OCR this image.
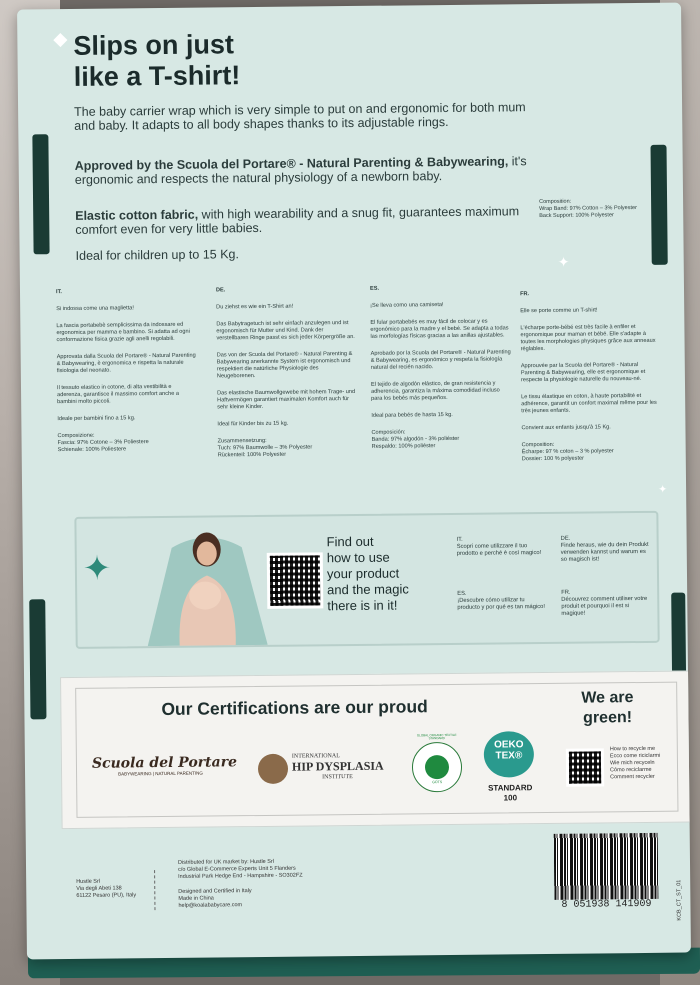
Slips on just
like a T-shirt!
The baby carrier wrap which is very simple to put on and ergonomic for both mum and baby. It adapts to all body shapes thanks to its adjustable rings.
Approved by the Scuola del Portare® - Natural Parenting & Babywearing, it's ergonomic and respects the natural physiology of a newborn baby.
Elastic cotton fabric, with high wearability and a snug fit, guarantees maximum comfort even for very little babies.
Ideal for children up to 15 Kg.
Composition:
Wrap Band: 97% Cotton – 3% Polyester
Back Support: 100% Polyester
✦
IT.
Si indossa come una maglietta!
La fascia portabebè semplicissima da indossare ed ergonomica per mamma e bambino. Si adatta ad ogni conformazione fisica grazie agli anelli regolabili.
Approvata dalla Scuola del Portare® - Natural Parenting & Babywearing, è ergonomica e rispetta la naturale fisiologia del neonato.
Il tessuto elastico in cotone, di alta vestibilità e aderenza, garantisce il massimo comfort anche a bambini molto piccoli.
Ideale per bambini fino a 15 kg.
Composizione:
Fascia: 97% Cotone – 3% Poliestere
Schienale: 100% Poliestere
DE.
Du ziehst es wie ein T-Shirt an!
Das Babytragetuch ist sehr einfach anzulegen und ist ergonomisch für Mutter und Kind. Dank der verstellbaren Ringe passt es sich jeder Körpergröße an.
Das von der Scuola del Portare® - Natural Parenting & Babywearing anerkannte System ist ergonomisch und respektiert die natürliche Physiologie des Neugeborenen.
Das elastische Baumwollgewebe mit hohem Trage- und Haftvermögen garantiert maximalen Komfort auch für sehr kleine Kinder.
Ideal für Kinder bis zu 15 kg.
Zusammensetzung:
Tuch: 97% Baumwolle – 3% Polyester
Rückenteil: 100% Polyester
ES.
¡Se lleva como una camiseta!
El fular portabebés es muy fácil de colocar y es ergonómico para la madre y el bebé. Se adapta a todas las morfologías físicas gracias a las anillas ajustables.
Aprobado por la Scuola del Portare® - Natural Parenting & Babywearing, es ergonómico y respeta la fisiología natural del recién nacido.
El tejido de algodón elástico, de gran resistencia y adherencia, garantiza la máxima comodidad incluso para los bebés más pequeños.
Ideal para bebés de hasta 15 kg.
Composición:
Banda: 97% algodón - 3% poliéster
Respaldo: 100% poliéster
FR.
Elle se porte comme un T-shirt!
L'écharpe porte-bébé est très facile à enfiler et ergonomique pour maman et bébé. Elle s'adapte à toutes les morphologies physiques grâce aux anneaux réglables.
Approuvée par la Scuola del Portare® - Natural Parenting & Babywearing, elle est ergonomique et respecte la physiologie naturelle du nouveau-né.
Le tissu élastique en coton, à haute portabilité et adhérence, garantit un confort maximal même pour les très jeunes enfants.
Convient aux enfants jusqu'à 15 Kg.
Composition:
Écharpe: 97 % coton – 3 % polyester
Dossier: 100 % polyester
✦
✦
Find out
how to use
your product
and the magic
there is in it!
IT.
Scopri come utilizzare il tuo prodotto e perché è così magico!
DE.
Finde heraus, wie du dein Produkt verwenden kannst und warum es so magisch ist!
ES.
¡Descubre cómo utilizar tu producto y por qué es tan mágico!
FR.
Découvrez comment utiliser votre produit et pourquoi il est si magique!
Our Certifications are our proud	We are
green!
Scuola del Portare
BABYWEARING | NATURAL PARENTING
INTERNATIONAL
HIP DYSPLASIA
INSTITUTE
GLOBAL ORGANIC TEXTILE STANDARD
GOTS
OEKO
TEX®
STANDARD
100
How to recycle me
Ecco come riciclarmi
Wie mich recyceln
Cómo reciclarme
Comment recycler
Hustle Srl
Via degli Abeti 138
61122 Pesaro (PU), Italy
Distributed for UK market by: Hustle Srl
c/o Global E-Commerce Experts Unit 5 Flanders
Industrial Park Hedge End - Hampshire - SO302FZ
Designed and Certified in Italy
Made in China
help@koalababycare.com	8 051938 141909	KCB_CT_ST_01
